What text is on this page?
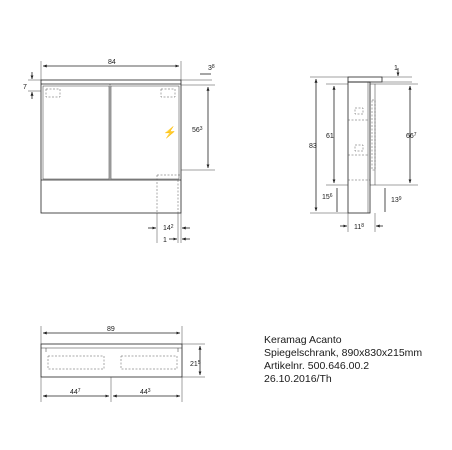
⚡
84
$3^8$
7
$56^3$
$14^2$
1
1
83
61	$66^7$
$15^6$
$13^9$
$11^8$
89
$21^5$
$44^7$	$44^3$
Keramag Acanto
Spiegelschrank, 890x830x215mm
Artikelnr. 500.646.00.2
26.10.2016/Th
